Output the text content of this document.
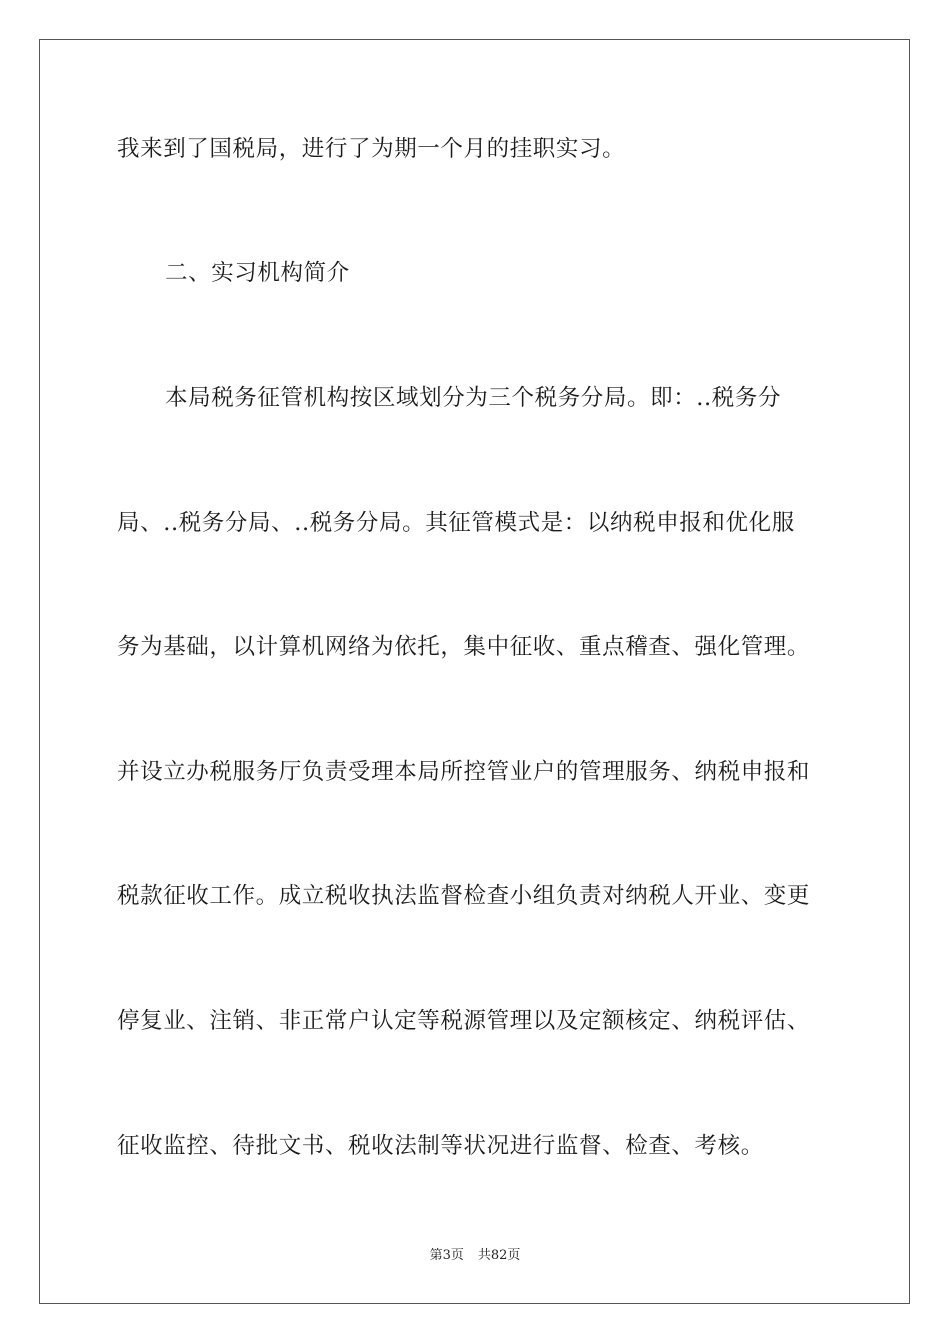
我来到了国税局，进行了为期一个月的挂职实习。
二、实习机构简介
本局税务征管机构按区域划分为三个税务分局。即：..税务分
局、..税务分局、..税务分局。其征管模式是：以纳税申报和优化服
务为基础，以计算机网络为依托，集中征收、重点稽查、强化管理。
并设立办税服务厅负责受理本局所控管业户的管理服务、纳税申报和
税款征收工作。成立税收执法监督检查小组负责对纳税人开业、变更
停复业、注销、非正常户认定等税源管理以及定额核定、纳税评估、
征收监控、待批文书、税收法制等状况进行监督、检查、考核。
第3页 共82页
